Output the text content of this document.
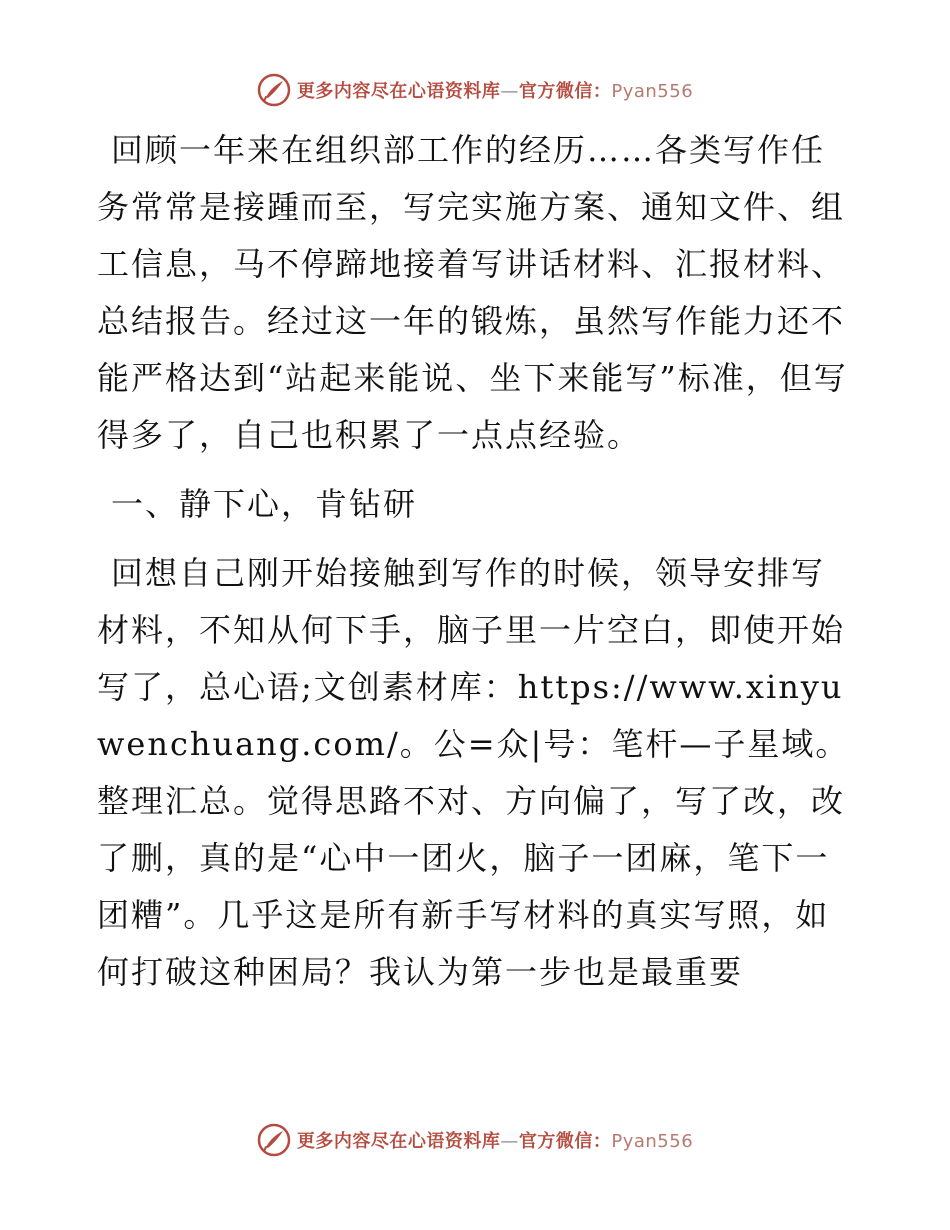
更多内容尽在心语资料库—官方微信：Pyan556

回顾一年来在组织部工作的经历……各类写作任务常常是接踵而至，写完实施方案、通知文件、组工信息，马不停蹄地接着写讲话材料、汇报材料、总结报告。经过这一年的锻炼，虽然写作能力还不能严格达到“站起来能说、坐下来能写”标准，但写得多了，自己也积累了一点点经验。

一、静下心，肯钻研

回想自己刚开始接触到写作的时候，领导安排写材料，不知从何下手，脑子里一片空白，即使开始写了，总心语;文创素材库：https://www.xinyuwenchuang.com/。公=众|号：笔杆—子星域。整理汇总。觉得思路不对、方向偏了，写了改，改了删，真的是“心中一团火，脑子一团麻，笔下一团糟”。几乎这是所有新手写材料的真实写照，如何打破这种困局？我认为第一步也是最重要

更多内容尽在心语资料库—官方微信：Pyan556
